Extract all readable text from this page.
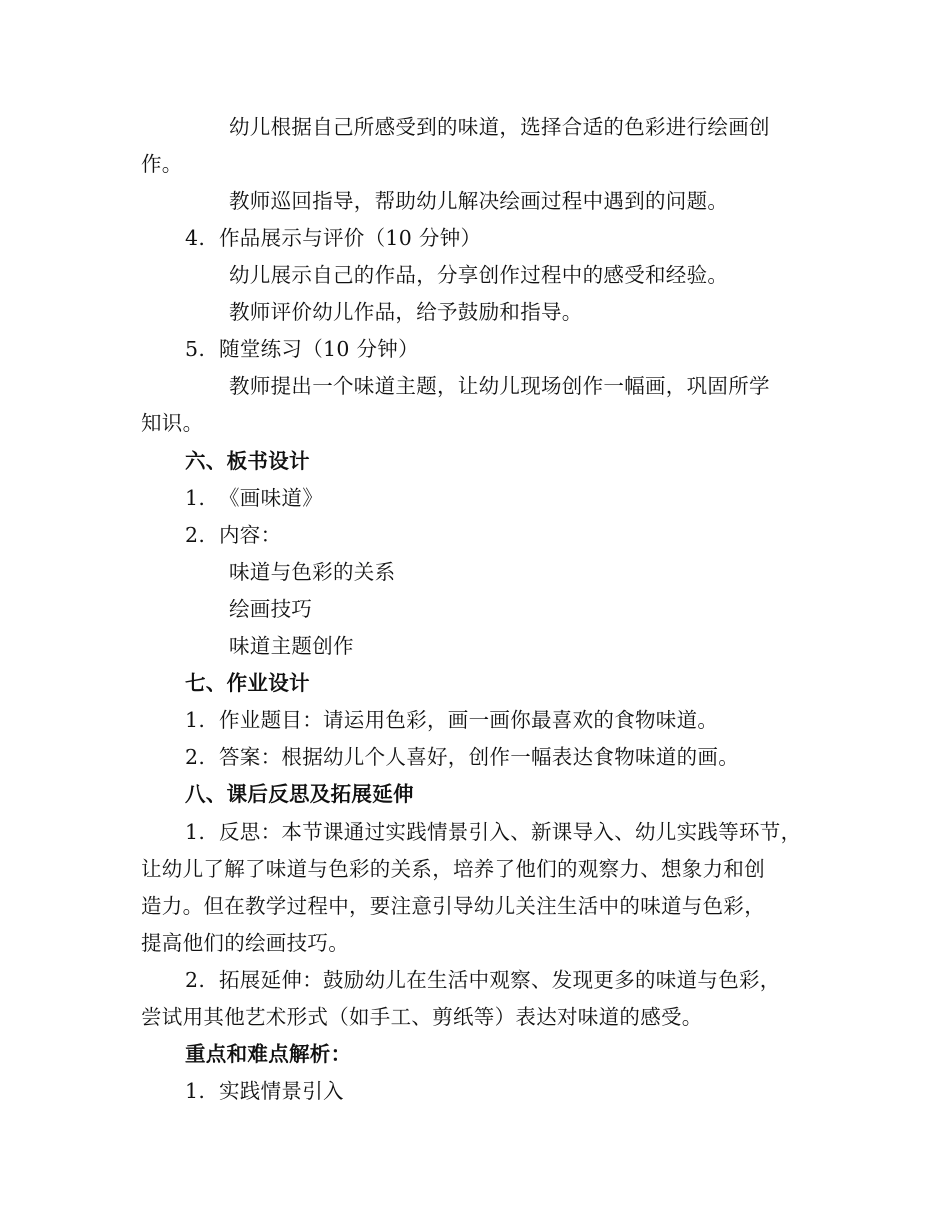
幼儿根据自己所感受到的味道，选择合适的色彩进行绘画创
作。
教师巡回指导，帮助幼儿解决绘画过程中遇到的问题。
4. 作品展示与评价（10 分钟）
幼儿展示自己的作品，分享创作过程中的感受和经验。
教师评价幼儿作品，给予鼓励和指导。
5. 随堂练习（10 分钟）
教师提出一个味道主题，让幼儿现场创作一幅画，巩固所学
知识。
六、板书设计
1. 《画味道》
2. 内容：
味道与色彩的关系
绘画技巧
味道主题创作
七、作业设计
1. 作业题目：请运用色彩，画一画你最喜欢的食物味道。
2. 答案：根据幼儿个人喜好，创作一幅表达食物味道的画。
八、课后反思及拓展延伸
1. 反思：本节课通过实践情景引入、新课导入、幼儿实践等环节，
让幼儿了解了味道与色彩的关系，培养了他们的观察力、想象力和创
造力。但在教学过程中，要注意引导幼儿关注生活中的味道与色彩，
提高他们的绘画技巧。
2. 拓展延伸：鼓励幼儿在生活中观察、发现更多的味道与色彩，
尝试用其他艺术形式（如手工、剪纸等）表达对味道的感受。
重点和难点解析：
1. 实践情景引入
